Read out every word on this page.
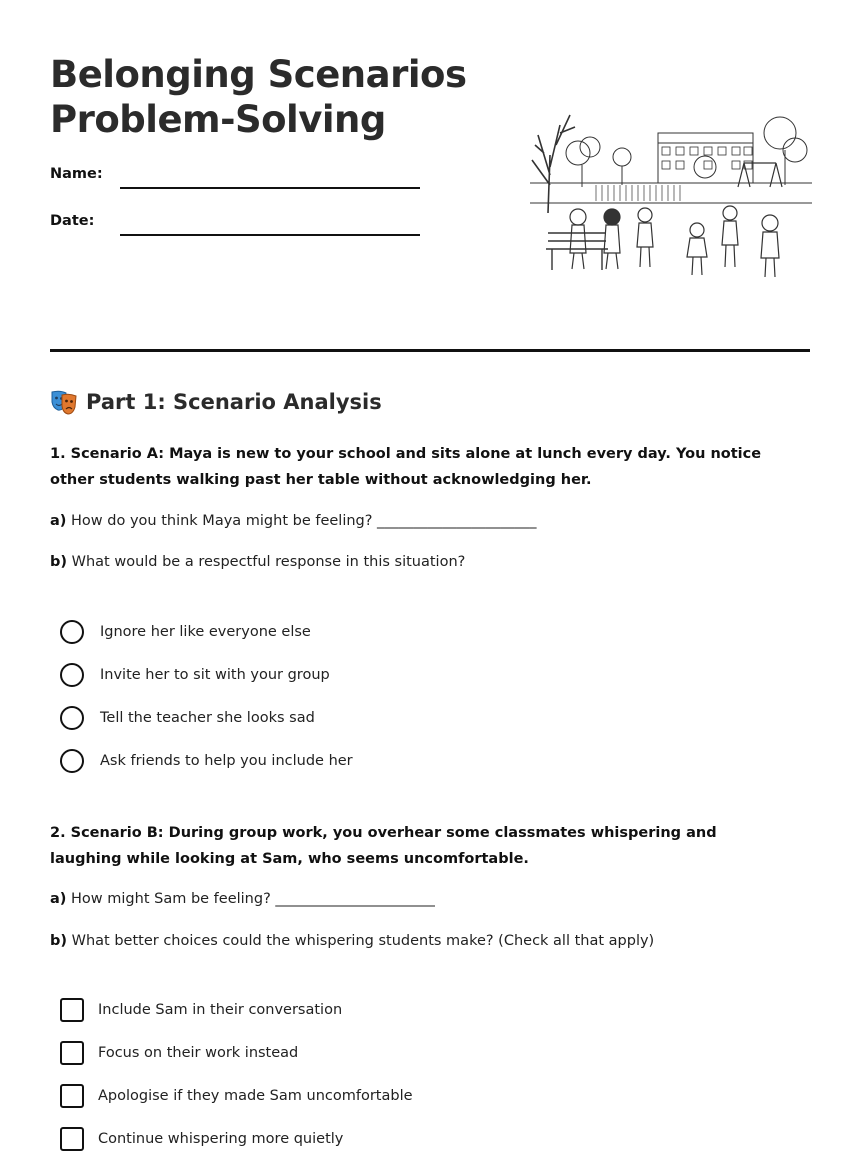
Belonging Scenarios
Problem-Solving
Name:
Date:
Part 1: Scenario Analysis
1. Scenario A: Maya is new to your school and sits alone at lunch every day. You notice other students walking past her table without acknowledging her.
a) How do you think Maya might be feeling? ______________________
b) What would be a respectful response in this situation?
Ignore her like everyone else
Invite her to sit with your group
Tell the teacher she looks sad
Ask friends to help you include her
2. Scenario B: During group work, you overhear some classmates whispering and laughing while looking at Sam, who seems uncomfortable.
a) How might Sam be feeling? ______________________
b) What better choices could the whispering students make? (Check all that apply)
Include Sam in their conversation
Focus on their work instead
Apologise if they made Sam uncomfortable
Continue whispering more quietly
